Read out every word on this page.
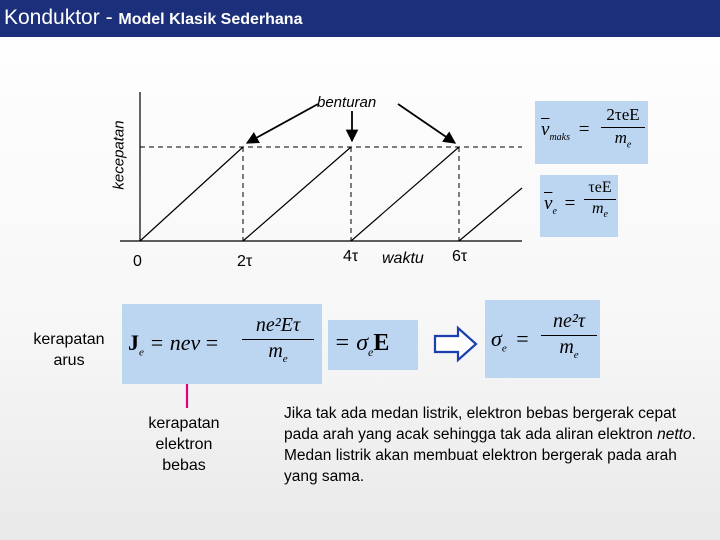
Konduktor - Model Klasik Sederhana
kecepatan
benturan
0	2τ	4τ waktu 6τ
$\overline{v}_{maks}$ =
2τeE
$m_e$
$\overline{v}_e$ =
τeE
$m_e$
kerapatan arus
$J_e$ = nev =
ne²Eτ
$m_e$
= $\sigma_eE$	$\sigma_e$ =
ne²τ
$m_e$
kerapatan elektron bebas
Jika tak ada medan listrik, elektron bebas bergerak cepat pada arah yang acak sehingga tak ada aliran elektron netto. Medan listrik akan membuat elektron bergerak pada arah yang sama.
